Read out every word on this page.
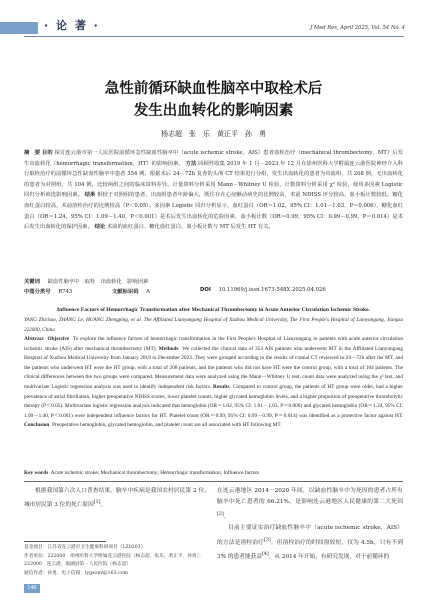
· 论 著 ·	J Med Res, April 2025, Vol. 54 No. 4
急性前循环缺血性脑卒中取栓术后
发生出血转化的影响因素
杨志超　张　乐　黄正平　孙　勇
摘　要 目的 探讨连云港市第一人民医院前循环急性缺血性脑卒中（acute ischemic stroke，AIS）患者血栓治疗（mechanical thrombectomy，MT）后发生出血转化（hemorrhagic transformation，HT）的影响因素。 方法 回顾性收集 2019 年 1 月－2023 年 12 月在徐州医科大学附属连云港医院神经介入科行取栓治疗的前循环急性缺血性脑卒中患者 354 例。根据术后 24－72h 复查的头颅 CT 结果进行分组，发生出血转化的患者为出血组，共 208 例，无出血转化的患者为对照组，共 104 例，比较两组之间的临床资料差异。计量资料分析采用 Mann－Whitney U 检验，计数资料分析采用 χ² 检验，使用多因素 Logistic 回归分析筛选影响因素。 结果 相较于对照组的患者，出血组患者年龄偏大，既往存在心房颤动病史的比例较高，术前 NIHSS 评分较高，血小板计数较低，糖化血红蛋白较高，术前溶栓治疗的比例较高（P＜0.05）。多因素 Logistic 回归分析显示，血红蛋白（OR＝1.02，95% CI：1.01－1.03，P＝0.006）、糖化血红蛋白（OR＝1.24，95% CI：1.09－1.40，P＜0.001）是术后发生出血转化的危险因素，血小板计数（OR＝0.99，95% CI：0.99－0.99，P＝0.014）是术后发生出血转化的保护因素。 结论 术前的血红蛋白、糖化血红蛋白、血小板计数与 MT 后发生 HT 有关。
关键词 缺血性脑卒中　取栓　出血转化　影响因素
中图分类号 R743	文献标识码 A	DOI 10.11969/j.issn.1673-548X.2025.04.026
Influence Factors of Hemorrhagic Transformation after Mechanical Thrombectomy in Acute Anterior Circulation Ischemic Stroke.
YANG Zhichao, ZHANG Le, HUANG Zhengping, et al. The Affiliated Lianyungang Hospital of Xuzhou Medical University, The First People's Hospital of Lianyungang, Jiangsu 222000, China
Abstract Objective To explore the influence factors of hemorrhagic transformation in the First People's Hospital of Lianyungang in patients with acute anterior circulation ischemic stroke (AIS) after mechanical thrombectomy (MT). Methods We collected the clinical data of 354 AIS patients who underwent MT in the Affiliated Lianyungang Hospital of Xuzhou Medical University from January 2019 to December 2023. They were grouped according to the results of cranial CT reviewed in 24－72h after the MT, and the patients who underwent HT were the HT group, with a total of 208 patients, and the patients who did not have HT were the control group, with a total of 104 patients. The clinical differences between the two groups were compared. Measurement data were analyzed using the Mann－Whitney U test, count data were analyzed using the χ² test, and multivariate Logistic regression analysis was used to identify independent risk factors. Results Compared to control group, the patients of HT group were older, had a higher prevalence of atrial fibrillation, higher preoperative NIHSS scores, lower platelet counts, higher glycated hemoglobin levels, and a higher proportion of preoperative thrombolytic therapy (P＜0.05). Multivariate logistic regression analysis indicated that hemoglobin (OR＝1.02, 95% CI: 1.01－1.03, P＝0.006) and glycated hemoglobin (OR＝1.24, 95% CI: 1.09－1.40, P＜0.001) were independent influence factors for HT. Platelet count (OR＝0.99, 95% CI: 0.99－0.99, P＝0.014) was identified as a protective factor against HT. Conclusion Preoperative hemoglobin, glycated hemoglobin, and platelet count are all associated with HT following MT.
Key words Acute ischemic stroke; Mechanical thrombectomy; Hemorrhagic transformation; Influence factors

根据我国第六次人口普查结果，脑卒中疾病是我国农村居民第 2 位、城市居民第 3 位的死亡原因[1]。

基金项目：江苏省连云港市卫生健康科研项目（LZ0201）
作者单位：222000　徐州医科大学附属连云港医院（杨志超、张乐、黄正平、孙勇）；222000　连云港，康湖县第一人民医院（杨志超）
通信作者：孙勇，电子信箱：lygsony@163.com

在连云港地区 2014－2020 年间，以缺血性脑卒中为死因的患者占所有脑卒中死亡患者的 66.21%，是影响连云港地区人民健康的第二大死因[2]。

目前主要证实治疗缺血性脑卒中（acute ischemic stroke，AIS）的方法是溶栓治疗[3]。但溶栓治疗的时间窗较短，仅为 4.5h，只有不到 3% 的患者能获益[4]。从 2014 年开始，有研究发现，对于前循环的

146
